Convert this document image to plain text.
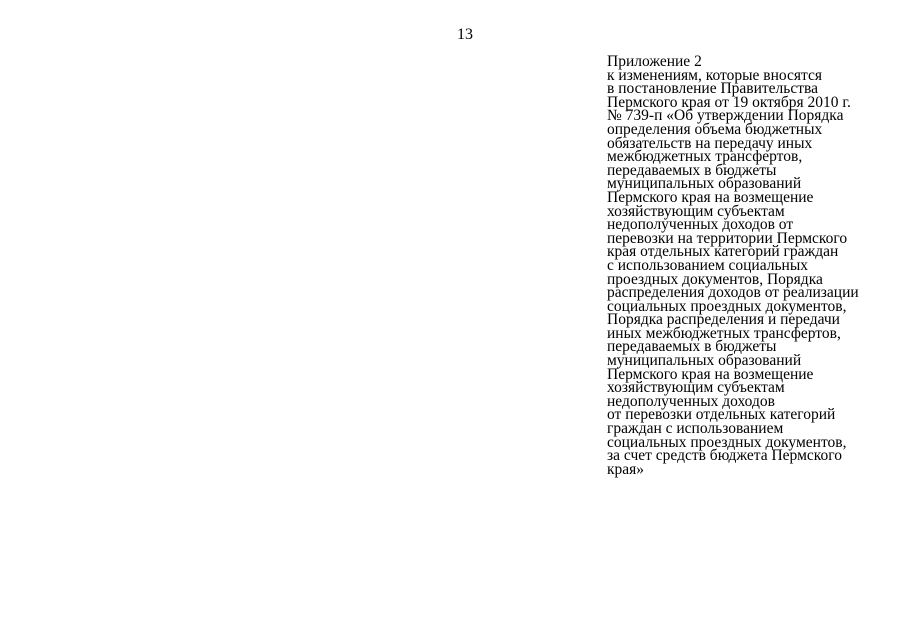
13
Приложение 2
к изменениям, которые вносятся
в постановление Правительства
Пермского края от 19 октября 2010 г.
№ 739-п «Об утверждении Порядка
определения объема бюджетных
обязательств на передачу иных
межбюджетных трансфертов,
передаваемых в бюджеты
муниципальных образований
Пермского края на возмещение
хозяйствующим субъектам
недополученных доходов от
перевозки на территории Пермского
края отдельных категорий граждан
с использованием социальных
проездных документов, Порядка
распределения доходов от реализации
социальных проездных документов,
Порядка распределения и передачи
иных межбюджетных трансфертов,
передаваемых в бюджеты
муниципальных образований
Пермского края на возмещение
хозяйствующим субъектам
недополученных доходов
от перевозки отдельных категорий
граждан с использованием
социальных проездных документов,
за счет средств бюджета Пермского
края»
